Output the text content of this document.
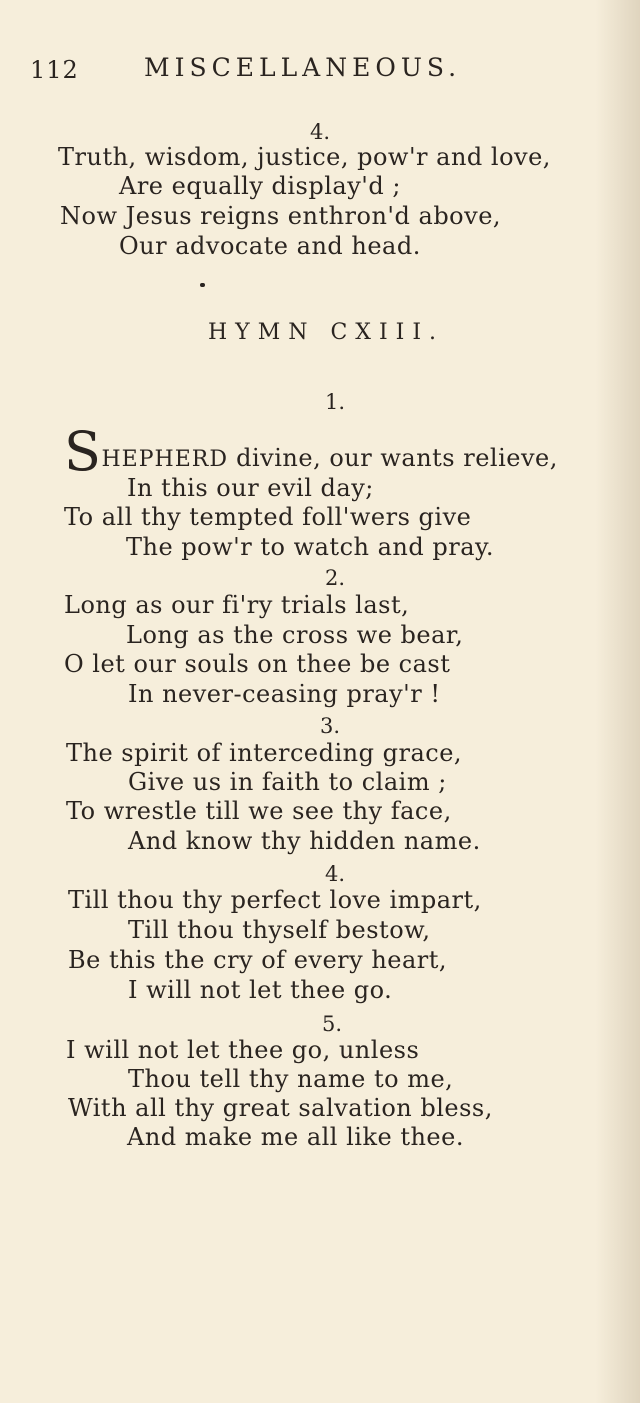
112	MISCELLANEOUS.
4.
Truth, wisdom, justice, pow'r and love,
Are equally display'd ;
Now Jesus reigns enthron'd above,
Our advocate and head.
HYMN CXIII.
1.
SHEPHERD divine, our wants relieve,
In this our evil day;
To all thy tempted foll'wers give
The pow'r to watch and pray.
2.
Long as our fi'ry trials last,
Long as the cross we bear,
O let our souls on thee be cast
In never-ceasing pray'r !
3.
The spirit of interceding grace,
Give us in faith to claim ;
To wrestle till we see thy face,
And know thy hidden name.
4.
Till thou thy perfect love impart,
Till thou thyself bestow,
Be this the cry of every heart,
I will not let thee go.
5.
I will not let thee go, unless
Thou tell thy name to me,
With all thy great salvation bless,
And make me all like thee.
